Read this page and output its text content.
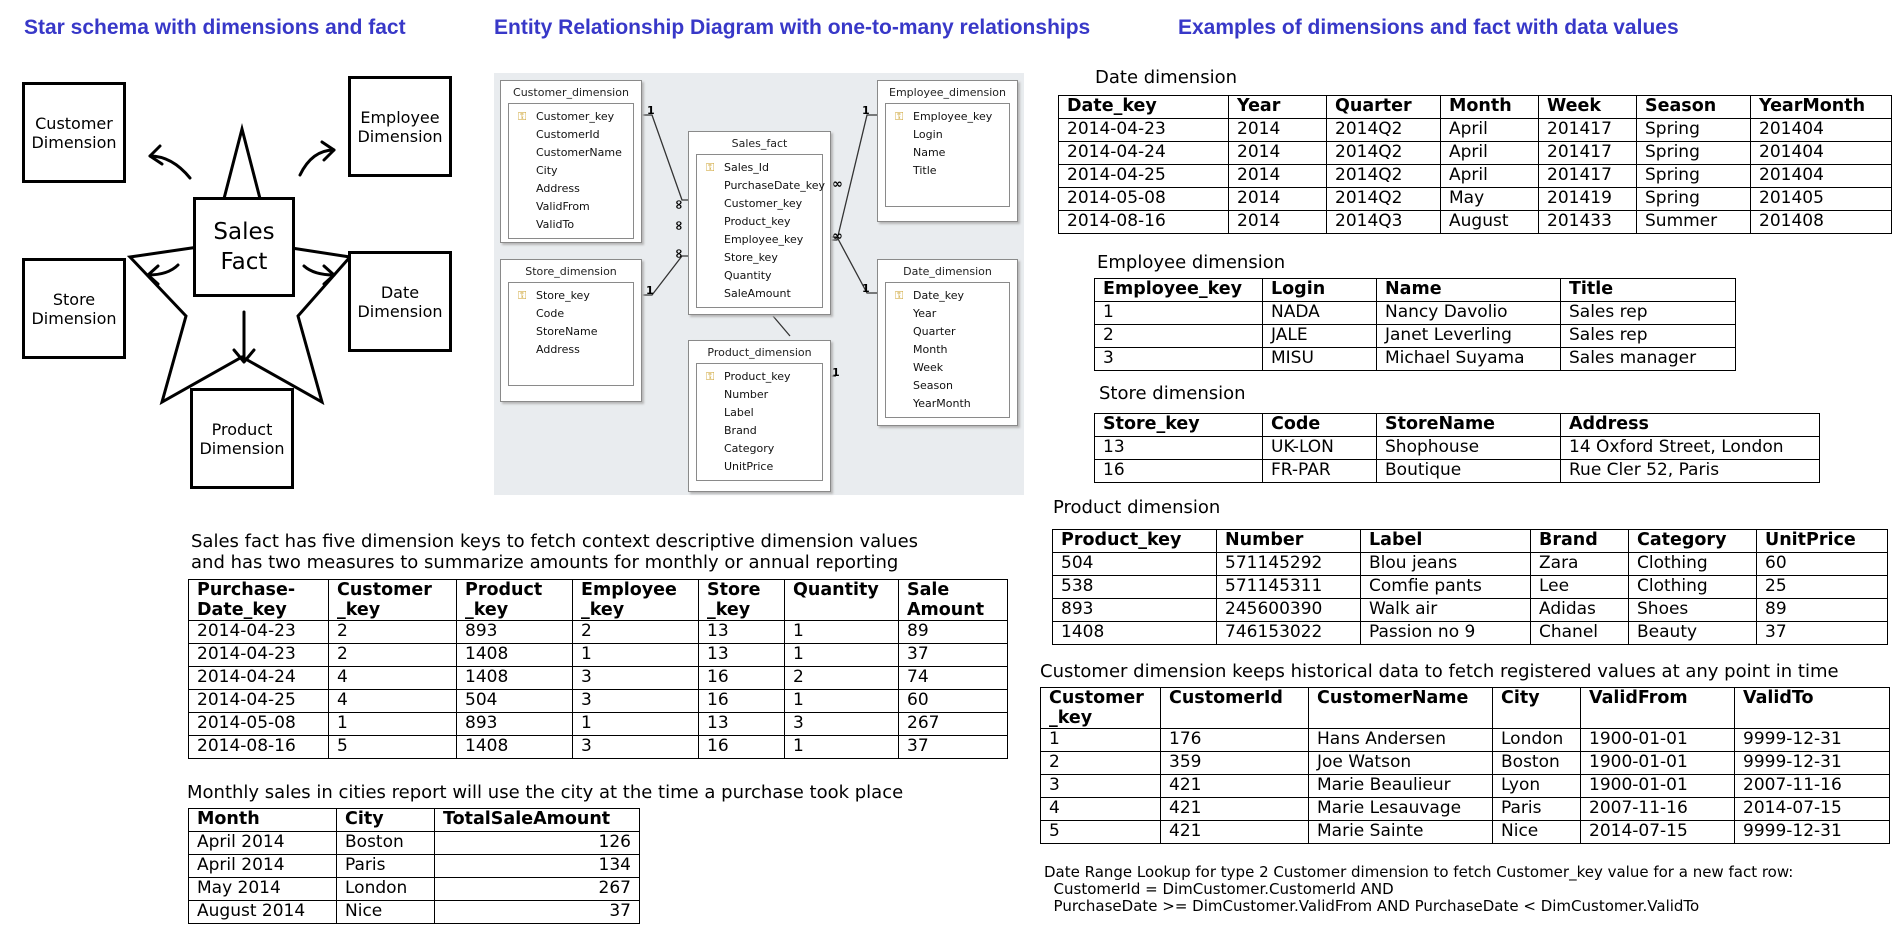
Star schema with dimensions and fact	Entity Relationship Diagram with one-to-many relationships	Examples of dimensions and fact with data values
Sales
Fact
Customer
Dimension
Employee
Dimension
Store
Dimension
Date
Dimension
Product
Dimension
1
1
1
1
1
∞
∞
∞
∞
∞
Customer_dimension
⚿ Customer_key
CustomerId
CustomerName
City
Address
ValidFrom
ValidTo
Store_dimension
⚿ Store_key
Code
StoreName
Address
Sales_fact
⚿ Sales_Id
PurchaseDate_key
Customer_key
Product_key
Employee_key
Store_key
Quantity
SaleAmount
Product_dimension
⚿ Product_key
Number
Label
Brand
Category
UnitPrice
Employee_dimension
⚿ Employee_key
Login
Name
Title
Date_dimension
⚿ Date_key
Year
Quarter
Month
Week
Season
YearMonth
Sales fact has five dimension keys to fetch context descriptive dimension values
and has two measures to summarize amounts for monthly or annual reporting
Purchase-
Date_key	Customer
_key	Product
_key	Employee
_key	Store
_key	Quantity	Sale
Amount
2014-04-23	2	893	2	13	1	89
2014-04-23	2	1408	1	13	1	37
2014-04-24	4	1408	3	16	2	74
2014-04-25	4	504	3	16	1	60
2014-05-08	1	893	1	13	3	267
2014-08-16	5	1408	3	16	1	37
Monthly sales in cities report will use the city at the time a purchase took place
Month	City	TotalSaleAmount
April 2014	Boston	126
April 2014	Paris	134
May 2014	London	267
August 2014	Nice	37
Date dimension
Date_key	Year	Quarter	Month	Week	Season	YearMonth
2014-04-23	2014	2014Q2	April	201417	Spring	201404
2014-04-24	2014	2014Q2	April	201417	Spring	201404
2014-04-25	2014	2014Q2	April	201417	Spring	201404
2014-05-08	2014	2014Q2	May	201419	Spring	201405
2014-08-16	2014	2014Q3	August	201433	Summer	201408
Employee dimension
Employee_key	Login	Name	Title
1	NADA	Nancy Davolio	Sales rep
2	JALE	Janet Leverling	Sales rep
3	MISU	Michael Suyama	Sales manager
Store dimension
Store_key	Code	StoreName	Address
13	UK-LON	Shophouse	14 Oxford Street, London
16	FR-PAR	Boutique	Rue Cler 52, Paris
Product dimension
Product_key	Number	Label	Brand	Category	UnitPrice
504	571145292	Blou jeans	Zara	Clothing	60
538	571145311	Comfie pants	Lee	Clothing	25
893	245600390	Walk air	Adidas	Shoes	89
1408	746153022	Passion no 9	Chanel	Beauty	37
Customer dimension keeps historical data to fetch registered values at any point in time
Customer
_key	CustomerId	CustomerName	City	ValidFrom	ValidTo
1	176	Hans Andersen	London	1900-01-01	9999-12-31
2	359	Joe Watson	Boston	1900-01-01	9999-12-31
3	421	Marie Beaulieur	Lyon	1900-01-01	2007-11-16
4	421	Marie Lesauvage	Paris	2007-11-16	2014-07-15
5	421	Marie Sainte	Nice	2014-07-15	9999-12-31
Date Range Lookup for type 2 Customer dimension to fetch Customer_key value for a new fact row:
CustomerId = DimCustomer.CustomerId AND
PurchaseDate >= DimCustomer.ValidFrom AND PurchaseDate < DimCustomer.ValidTo
